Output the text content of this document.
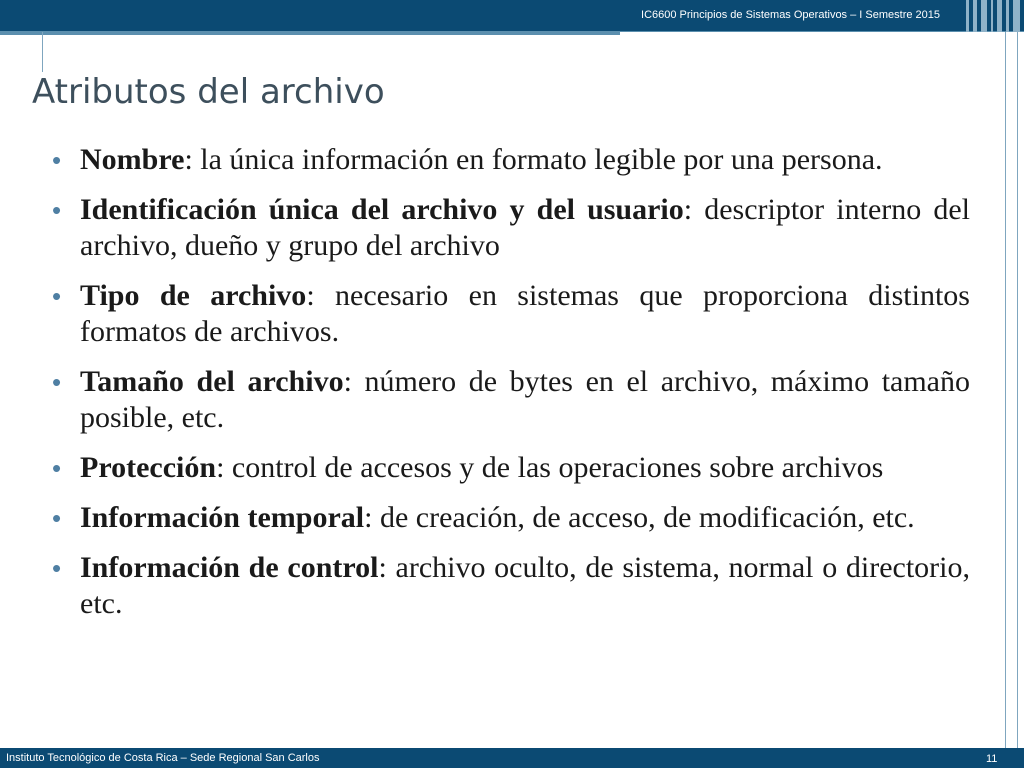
IC6600 Principios de Sistemas Operativos – I Semestre 2015
Atributos del archivo
• Nombre: la única información en formato legible por una persona.
• Identificación única del archivo y del usuario: descriptor interno del archivo, dueño y grupo del archivo
• Tipo de archivo: necesario en sistemas que proporciona distintos formatos de archivos.
• Tamaño del archivo: número de bytes en el archivo, máximo tamaño posible, etc.
• Protección: control de accesos y de las operaciones sobre archivos
• Información temporal: de creación, de acceso, de modificación, etc.
• Información de control: archivo oculto, de sistema, normal o directorio, etc.
Instituto Tecnológico de Costa Rica – Sede Regional San Carlos	11
